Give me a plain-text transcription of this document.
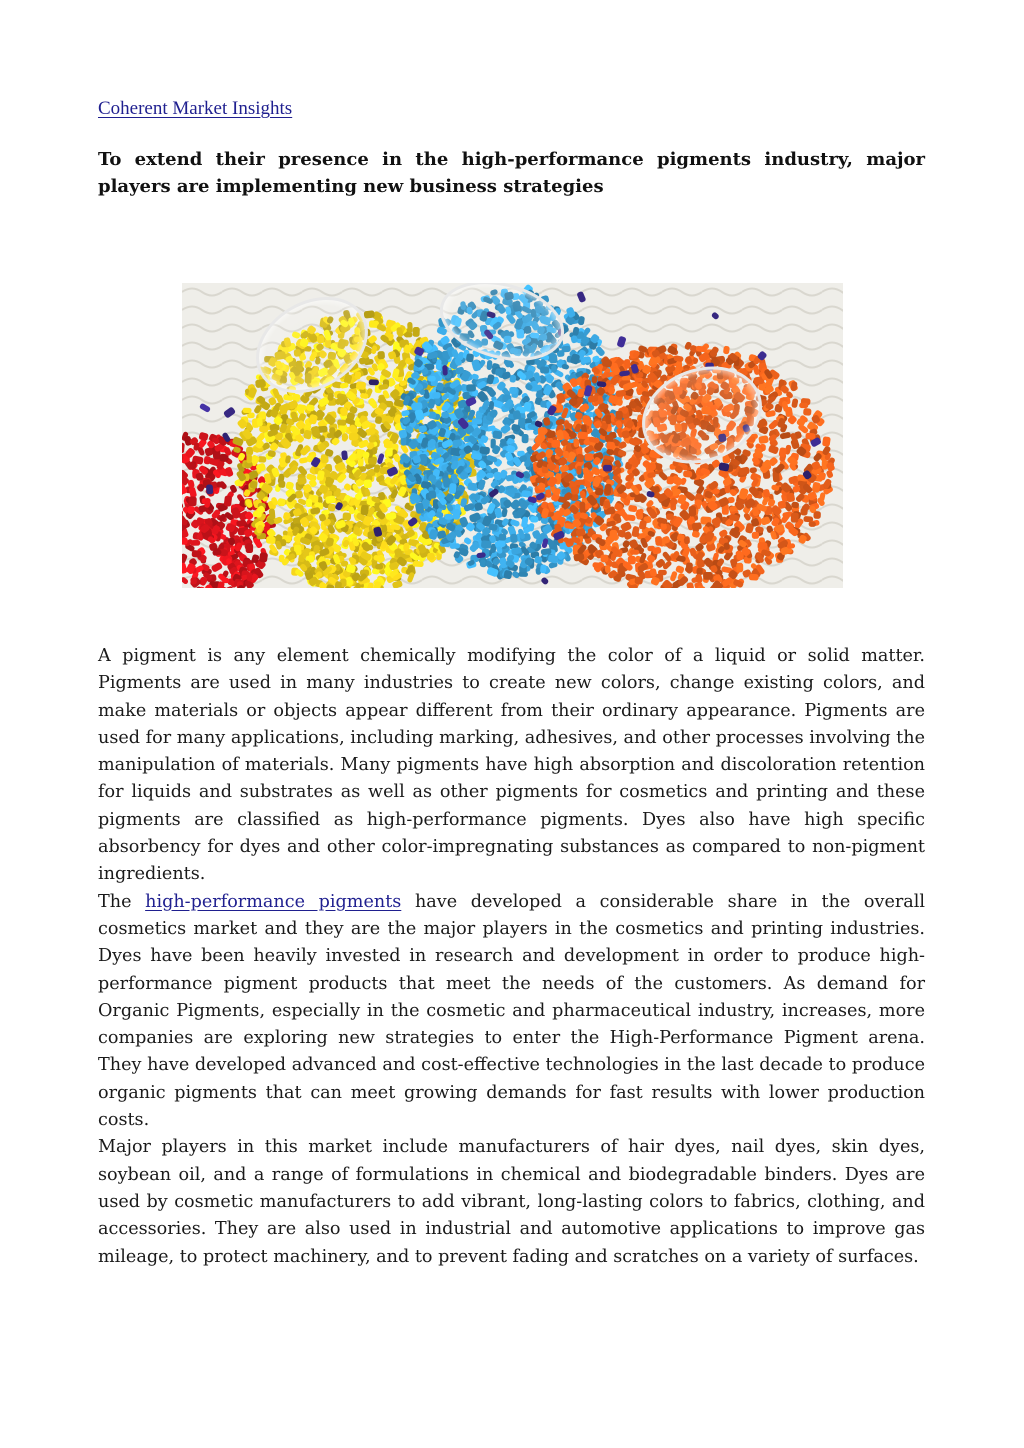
Coherent Market Insights
To extend their presence in the high-performance pigments industry, major players are implementing new business strategies

A pigment is any element chemically modifying the color of a liquid or solid matter. Pigments are used in many industries to create new colors, change existing colors, and make materials or objects appear different from their ordinary appearance. Pigments are used for many applications, including marking, adhesives, and other processes involving the manipulation of materials. Many pigments have high absorption and discoloration retention for liquids and substrates as well as other pigments for cosmetics and printing and these pigments are classified as high-performance pigments. Dyes also have high specific absorbency for dyes and other color-impregnating substances as compared to non-pigment ingredients.

The high-performance pigments have developed a considerable share in the overall cosmetics market and they are the major players in the cosmetics and printing industries. Dyes have been heavily invested in research and development in order to produce high-performance pigment products that meet the needs of the customers. As demand for Organic Pigments, especially in the cosmetic and pharmaceutical industry, increases, more companies are exploring new strategies to enter the High-Performance Pigment arena. They have developed advanced and cost-effective technologies in the last decade to produce organic pigments that can meet growing demands for fast results with lower production costs.

Major players in this market include manufacturers of hair dyes, nail dyes, skin dyes, soybean oil, and a range of formulations in chemical and biodegradable binders. Dyes are used by cosmetic manufacturers to add vibrant, long-lasting colors to fabrics, clothing, and accessories. They are also used in industrial and automotive applications to improve gas mileage, to protect machinery, and to prevent fading and scratches on a variety of surfaces.
